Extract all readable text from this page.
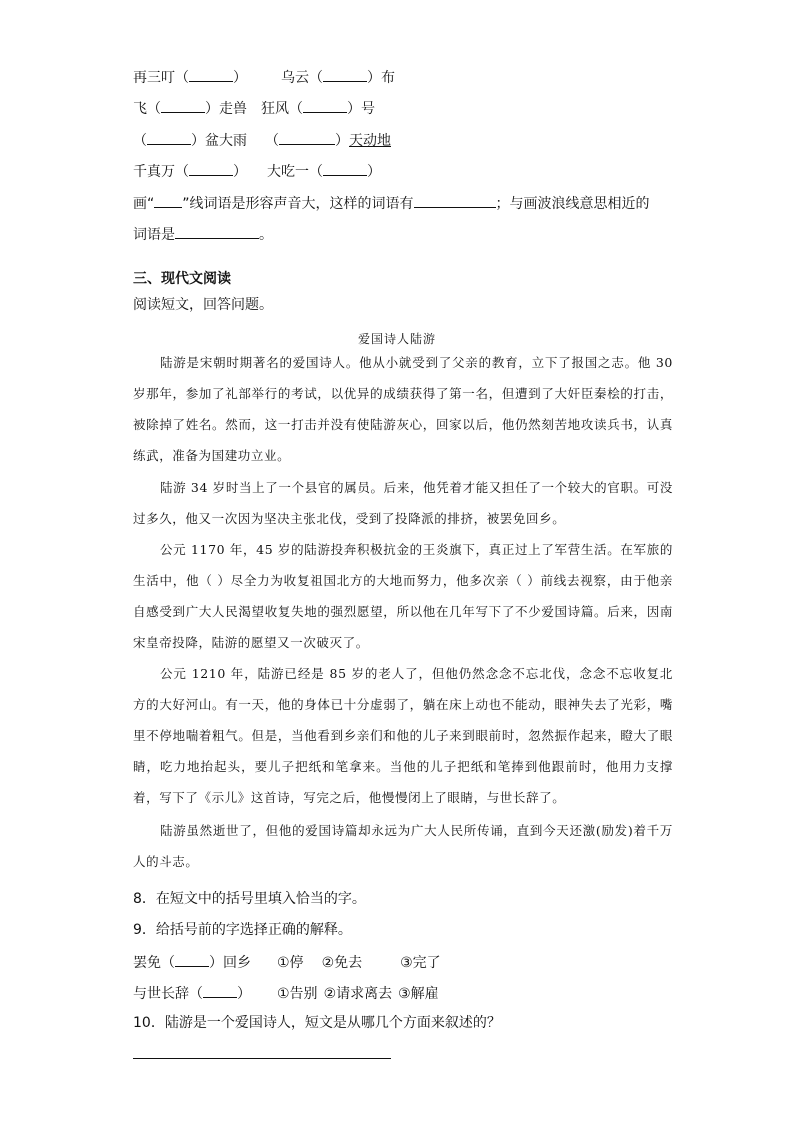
再三叮（	） 乌云（	）布
飞（	）走兽 狂风（	）号
（	）盆大雨 （	）天动地
千真万（	） 大吃一（	）
画“ ”线词语是形容声音大，这样的词语有	；与画波浪线意思相近的
词语是	。
三、现代文阅读
阅读短文，回答问题。
爱国诗人陆游
陆游是宋朝时期著名的爱国诗人。他从小就受到了父亲的教育，立下了报国之志。他 30 岁那年，参加了礼部举行的考试，以优异的成绩获得了第一名，但遭到了大奸臣秦桧的打击，被除掉了姓名。然而，这一打击并没有使陆游灰心，回家以后，他仍然刻苦地攻读兵书，认真练武，准备为国建功立业。
陆游 34 岁时当上了一个县官的属员。后来，他凭着才能又担任了一个较大的官职。可没过多久，他又一次因为坚决主张北伐，受到了投降派的排挤，被罢免回乡。
公元 1170 年，45 岁的陆游投奔积极抗金的王炎旗下，真正过上了军营生活。在军旅的生活中，他（ ）尽全力为收复祖国北方的大地而努力，他多次亲（ ）前线去视察，由于他亲自感受到广大人民渴望收复失地的强烈愿望，所以他在几年写下了不少爱国诗篇。后来，因南宋皇帝投降，陆游的愿望又一次破灭了。
公元 1210 年，陆游已经是 85 岁的老人了，但他仍然念念不忘北伐，念念不忘收复北方的大好河山。有一天，他的身体已十分虚弱了，躺在床上动也不能动，眼神失去了光彩，嘴里不停地喘着粗气。但是，当他看到乡亲们和他的儿子来到眼前时，忽然振作起来，瞪大了眼睛，吃力地抬起头，要儿子把纸和笔拿来。当他的儿子把纸和笔捧到他跟前时，他用力支撑着，写下了《示儿》这首诗，写完之后，他慢慢闭上了眼睛，与世长辞了。
陆游虽然逝世了，但他的爱国诗篇却永远为广大人民所传诵，直到今天还激(励发)着千万人的斗志。
8．在短文中的括号里填入恰当的字。
9．给括号前的字选择正确的解释。
罢免（ ）回乡 ①停 ②免去	③完了
与世长辞（ ） ①告别 ②请求离去 ③解雇
10．陆游是一个爱国诗人，短文是从哪几个方面来叙述的？
